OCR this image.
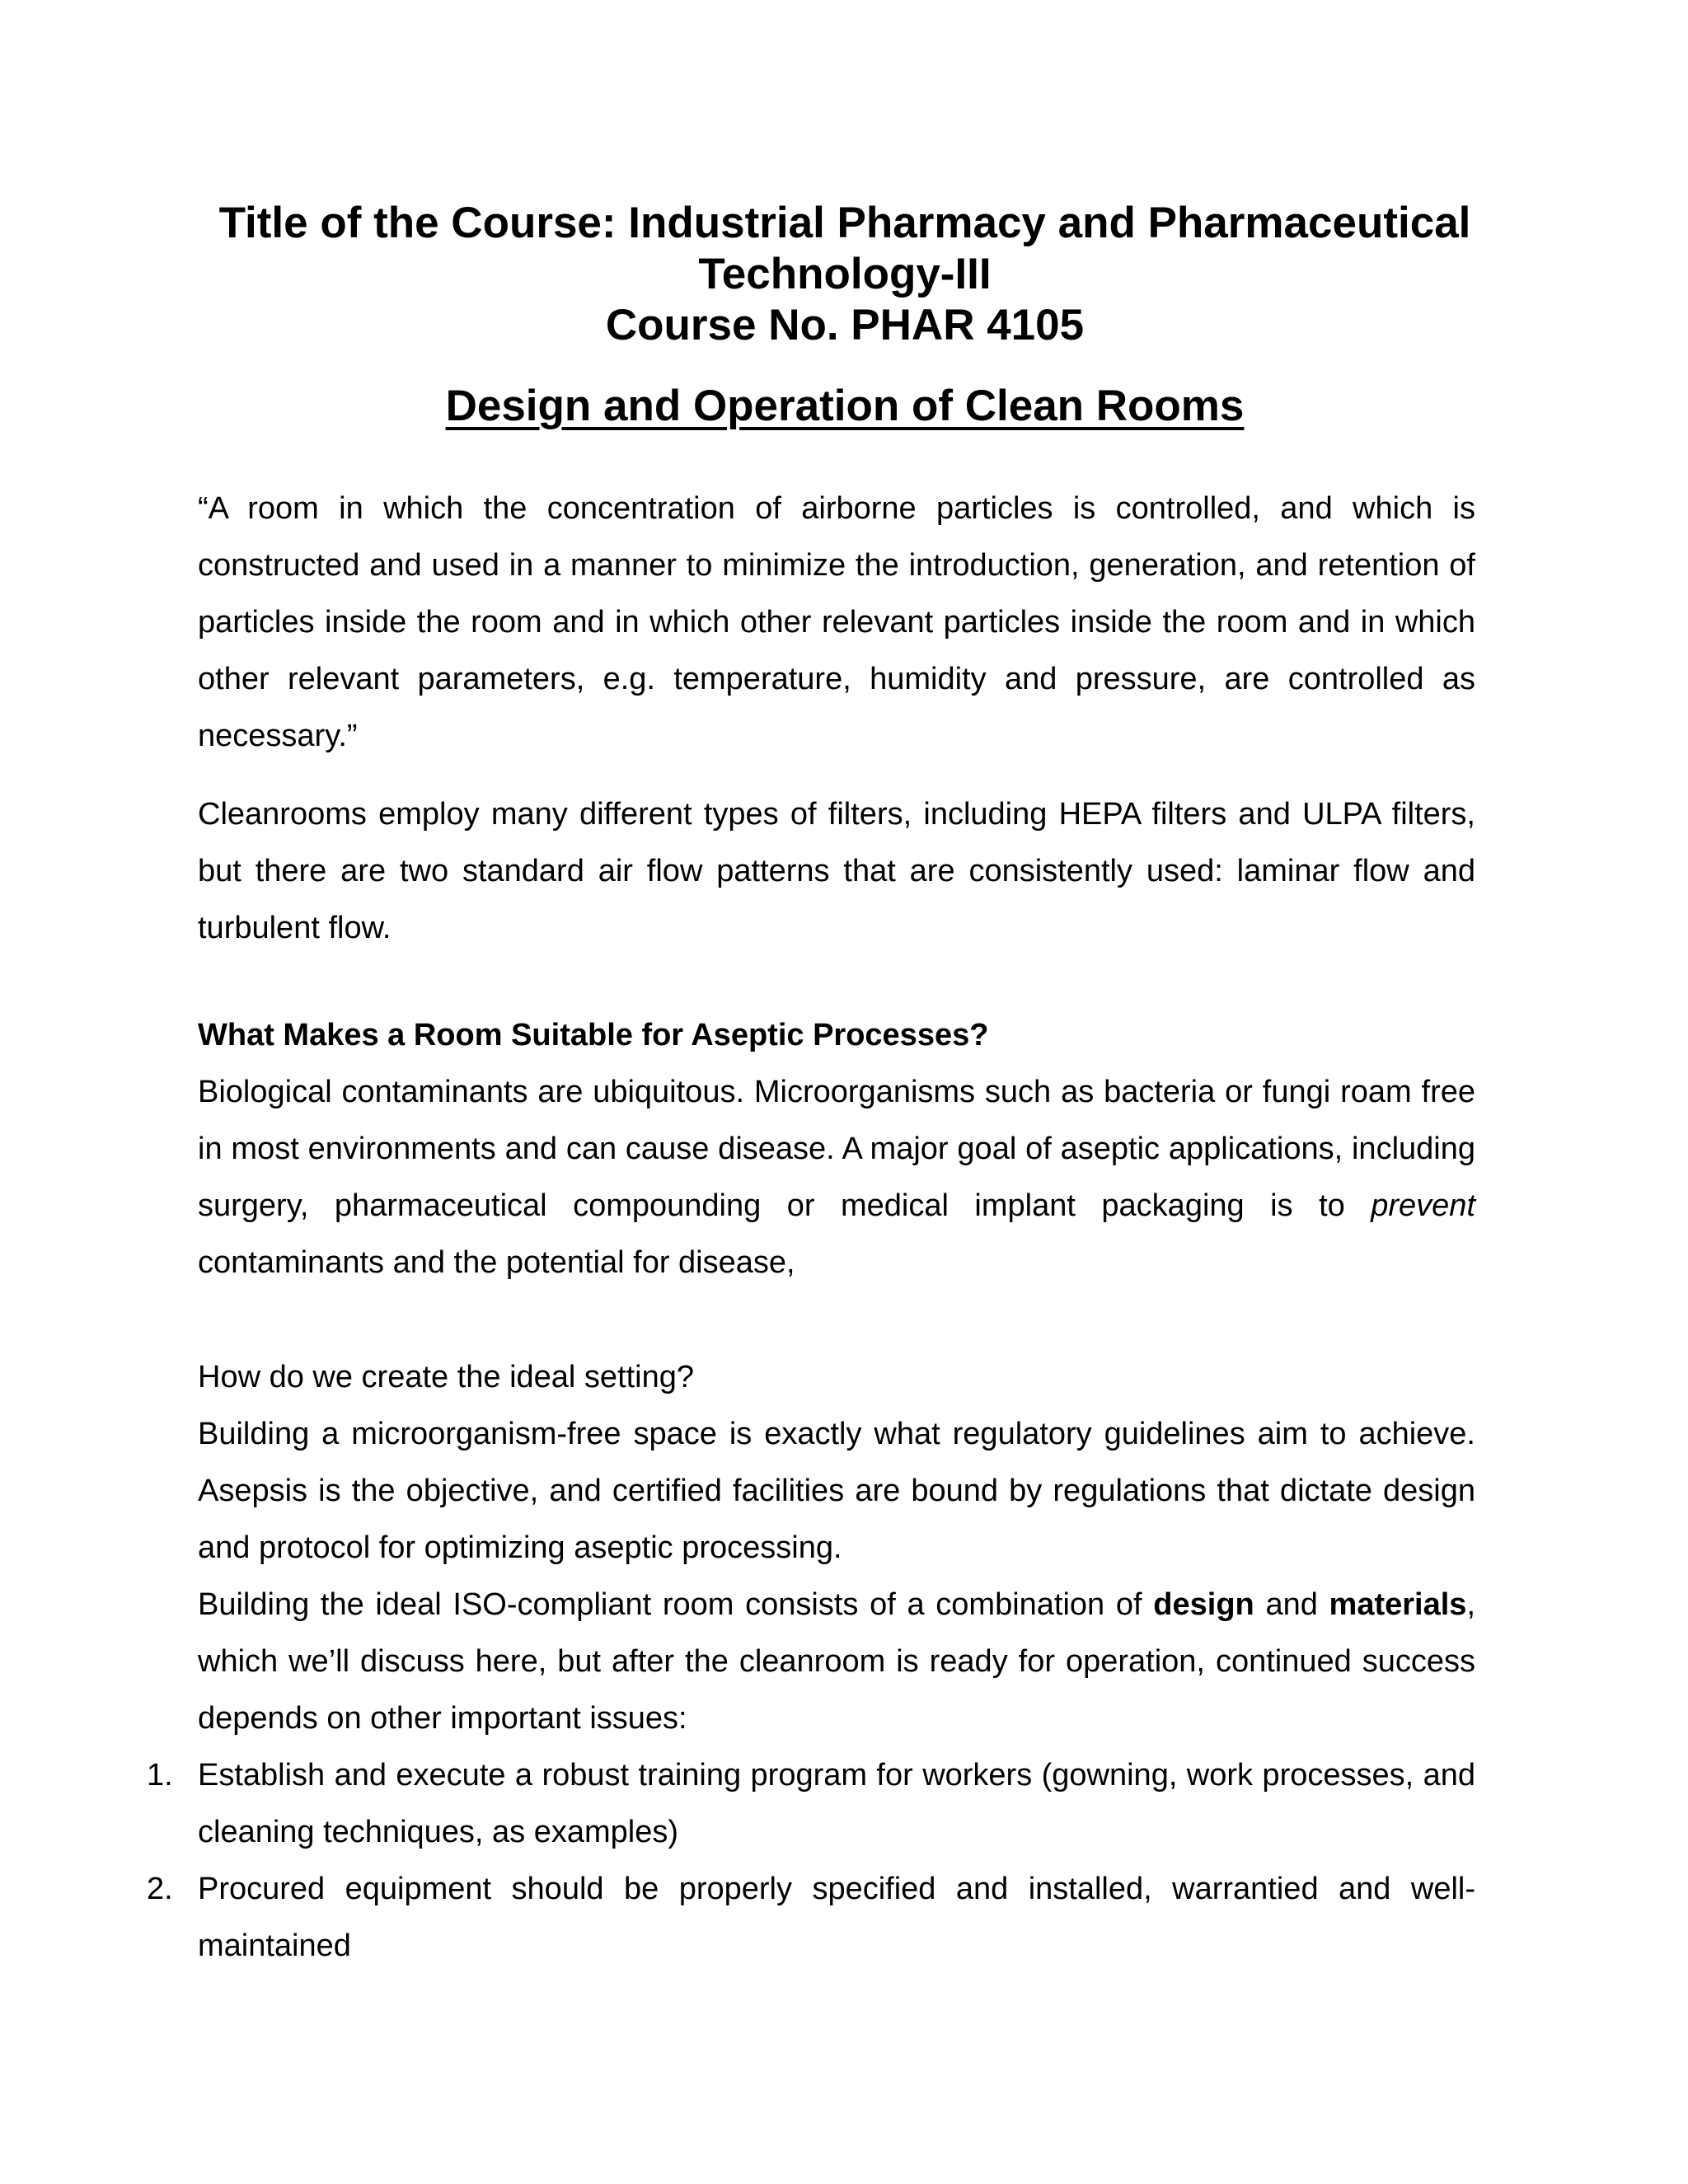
Title of the Course: Industrial Pharmacy and Pharmaceutical
Technology-III
Course No. PHAR 4105
Design and Operation of Clean Rooms

“A room in which the concentration of airborne particles is controlled, and which is constructed and used in a manner to minimize the introduction, generation, and retention of particles inside the room and in which other relevant particles inside the room and in which other relevant parameters, e.g. temperature, humidity and pressure, are controlled as necessary.”

Cleanrooms employ many different types of filters, including HEPA filters and ULPA filters, but there are two standard air flow patterns that are consistently used: laminar flow and turbulent flow.

What Makes a Room Suitable for Aseptic Processes?

Biological contaminants are ubiquitous. Microorganisms such as bacteria or fungi roam free in most environments and can cause disease. A major goal of aseptic applications, including surgery, pharmaceutical compounding or medical implant packaging is to prevent contaminants and the potential for disease,

How do we create the ideal setting?

Building a microorganism-free space is exactly what regulatory guidelines aim to achieve. Asepsis is the objective, and certified facilities are bound by regulations that dictate design and protocol for optimizing aseptic processing.

Building the ideal ISO-compliant room consists of a combination of design and materials, which we’ll discuss here, but after the cleanroom is ready for operation, continued success depends on other important issues:

1. Establish and execute a robust training program for workers (gowning, work processes, and cleaning techniques, as examples)
2. Procured equipment should be properly specified and installed, warrantied and well-maintained
